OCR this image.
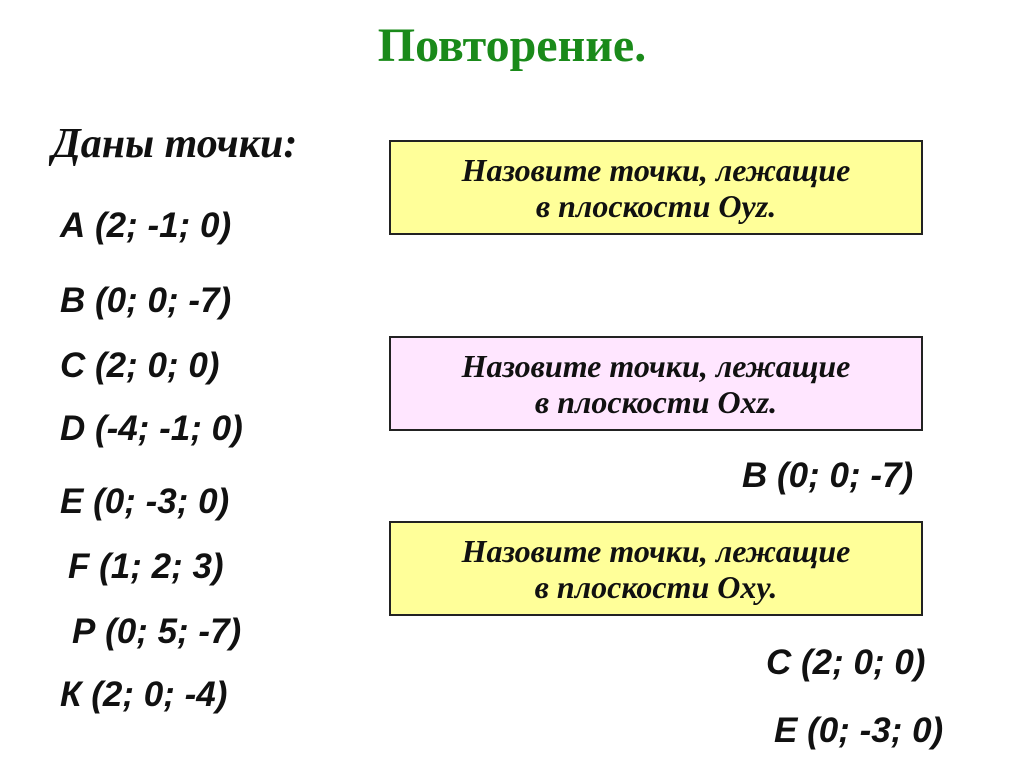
Повторение.
Даны точки:
А (2; -1; 0)
В (0; 0; -7)
С (2; 0; 0)
D (-4; -1; 0)
Е (0; -3; 0)
F (1; 2; 3)
Р (0; 5; -7)
К (2; 0; -4)
Назовите точки, лежащие
в плоскости Oyz.
Назовите точки, лежащие
в плоскости Oxz.
Назовите точки, лежащие
в плоскости Oxy.
В (0; 0; -7)
С (2; 0; 0)
Е (0; -3; 0)
